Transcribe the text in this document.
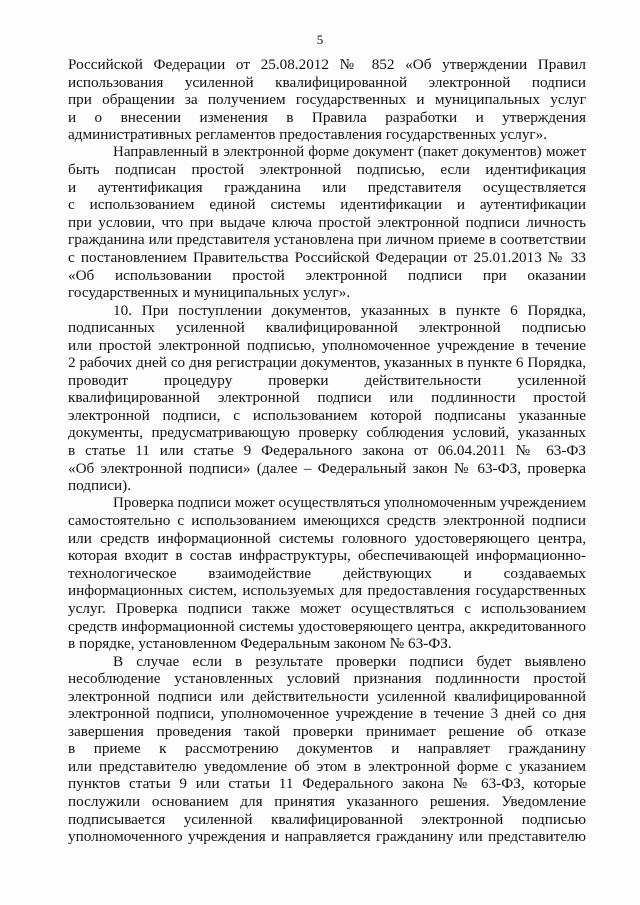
5
Российской Федерации от 25.08.2012 № 852 «Об утверждении Правил
использования усиленной квалифицированной электронной подписи
при обращении за получением государственных и муниципальных услуг
и о внесении изменения в Правила разработки и утверждения
административных регламентов предоставления государственных услуг».
Направленный в электронной форме документ (пакет документов) может
быть подписан простой электронной подписью, если идентификация
и аутентификация гражданина или представителя осуществляется
с использованием единой системы идентификации и аутентификации
при условии, что при выдаче ключа простой электронной подписи личность
гражданина или представителя установлена при личном приеме в соответствии
с постановлением Правительства Российской Федерации от 25.01.2013 № 33
«Об использовании простой электронной подписи при оказании
государственных и муниципальных услуг».
10. При поступлении документов, указанных в пункте 6 Порядка,
подписанных усиленной квалифицированной электронной подписью
или простой электронной подписью, уполномоченное учреждение в течение
2 рабочих дней со дня регистрации документов, указанных в пункте 6 Порядка,
проводит процедуру проверки действительности усиленной
квалифицированной электронной подписи или подлинности простой
электронной подписи, с использованием которой подписаны указанные
документы, предусматривающую проверку соблюдения условий, указанных
в статье 11 или статье 9 Федерального закона от 06.04.2011 № 63-ФЗ
«Об электронной подписи» (далее – Федеральный закон № 63-ФЗ, проверка
подписи).
Проверка подписи может осуществляться уполномоченным учреждением
самостоятельно с использованием имеющихся средств электронной подписи
или средств информационной системы головного удостоверяющего центра,
которая входит в состав инфраструктуры, обеспечивающей информационно-
технологическое взаимодействие действующих и создаваемых
информационных систем, используемых для предоставления государственных
услуг. Проверка подписи также может осуществляться с использованием
средств информационной системы удостоверяющего центра, аккредитованного
в порядке, установленном Федеральным законом № 63-ФЗ.
В случае если в результате проверки подписи будет выявлено
несоблюдение установленных условий признания подлинности простой
электронной подписи или действительности усиленной квалифицированной
электронной подписи, уполномоченное учреждение в течение 3 дней со дня
завершения проведения такой проверки принимает решение об отказе
в приеме к рассмотрению документов и направляет гражданину
или представителю уведомление об этом в электронной форме с указанием
пунктов статьи 9 или статьи 11 Федерального закона № 63-ФЗ, которые
послужили основанием для принятия указанного решения. Уведомление
подписывается усиленной квалифицированной электронной подписью
уполномоченного учреждения и направляется гражданину или представителю
